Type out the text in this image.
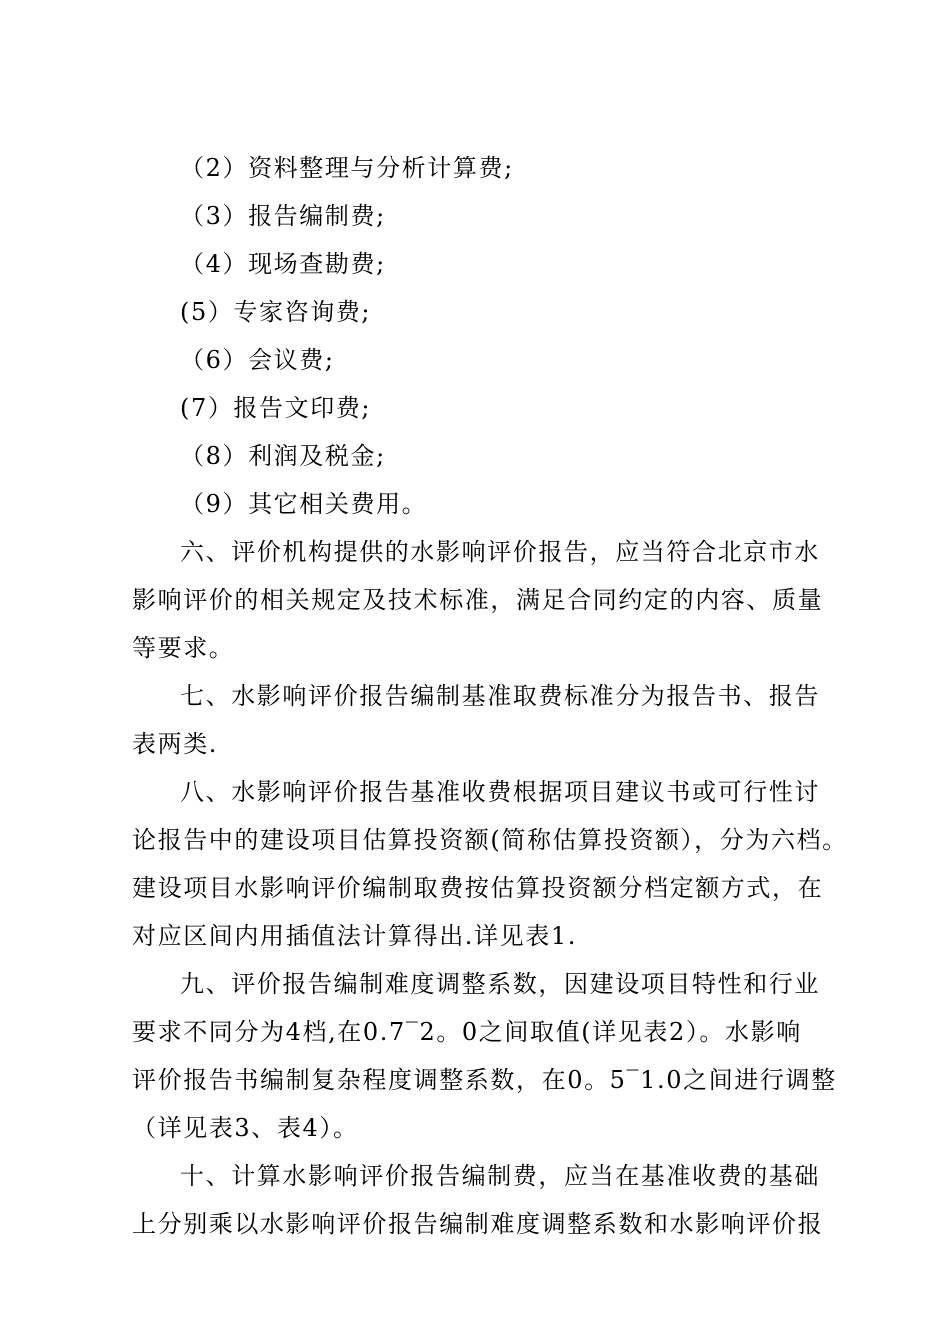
（2）资料整理与分析计算费;
（3）报告编制费;
（4）现场查勘费;
(5）专家咨询费;
（6）会议费;
(7）报告文印费;
（8）利润及税金;
（9）其它相关费用。
六、评价机构提供的水影响评价报告，应当符合北京市水
影响评价的相关规定及技术标准，满足合同约定的内容、质量
等要求。
七、水影响评价报告编制基准取费标准分为报告书、报告
表两类.
八、水影响评价报告基准收费根据项目建议书或可行性讨
论报告中的建设项目估算投资额(简称估算投资额），分为六档。
建设项目水影响评价编制取费按估算投资额分档定额方式，在
对应区间内用插值法计算得出.详见表1.
九、评价报告编制难度调整系数，因建设项目特性和行业
要求不同分为4档,在0.7‾2。0之间取值(详见表2）。水影响
评价报告书编制复杂程度调整系数，在0。5‾1.0之间进行调整
（详见表3、表4）。
十、计算水影响评价报告编制费，应当在基准收费的基础
上分别乘以水影响评价报告编制难度调整系数和水影响评价报
